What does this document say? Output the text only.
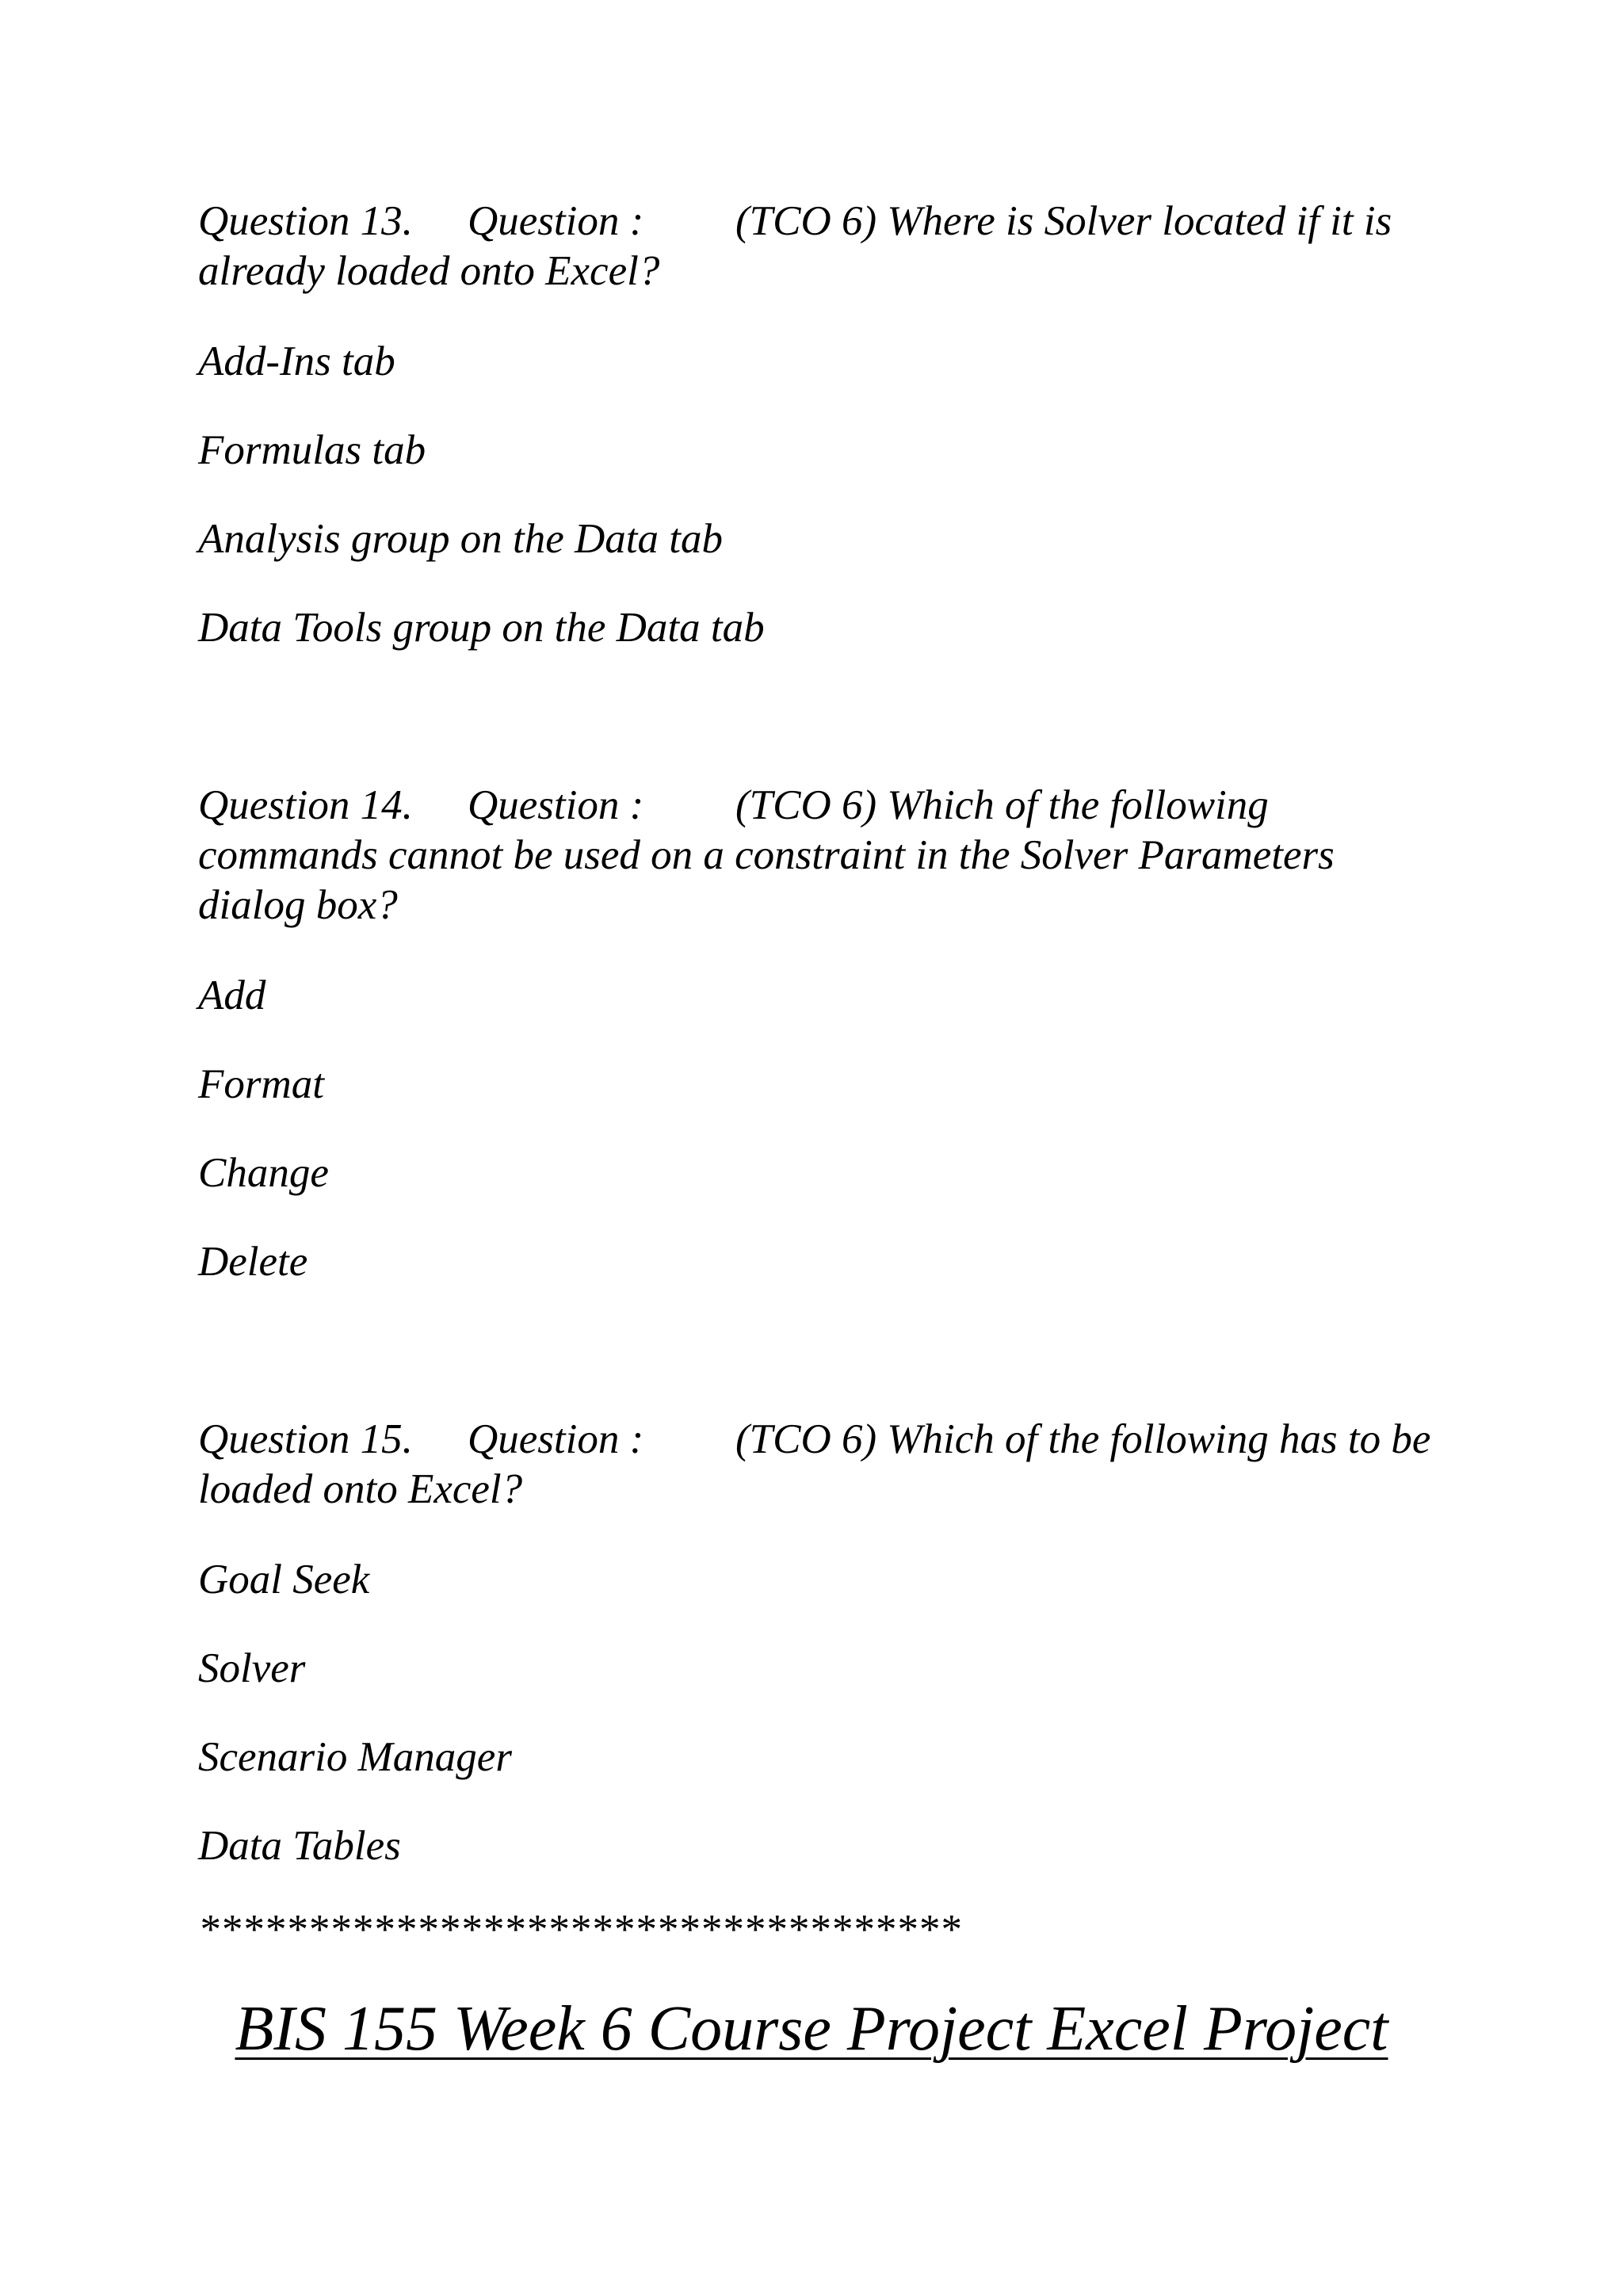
Question 13. Question : (TCO 6) Where is Solver located if it is already loaded onto Excel?

Add-Ins tab

Formulas tab

Analysis group on the Data tab

Data Tools group on the Data tab

Question 14. Question : (TCO 6) Which of the following commands cannot be used on a constraint in the Solver Parameters dialog box?

Add

Format

Change

Delete

Question 15. Question : (TCO 6) Which of the following has to be loaded onto Excel?

Goal Seek

Solver

Scenario Manager

Data Tables

***********************************
BIS 155 Week 6 Course Project Excel Project
